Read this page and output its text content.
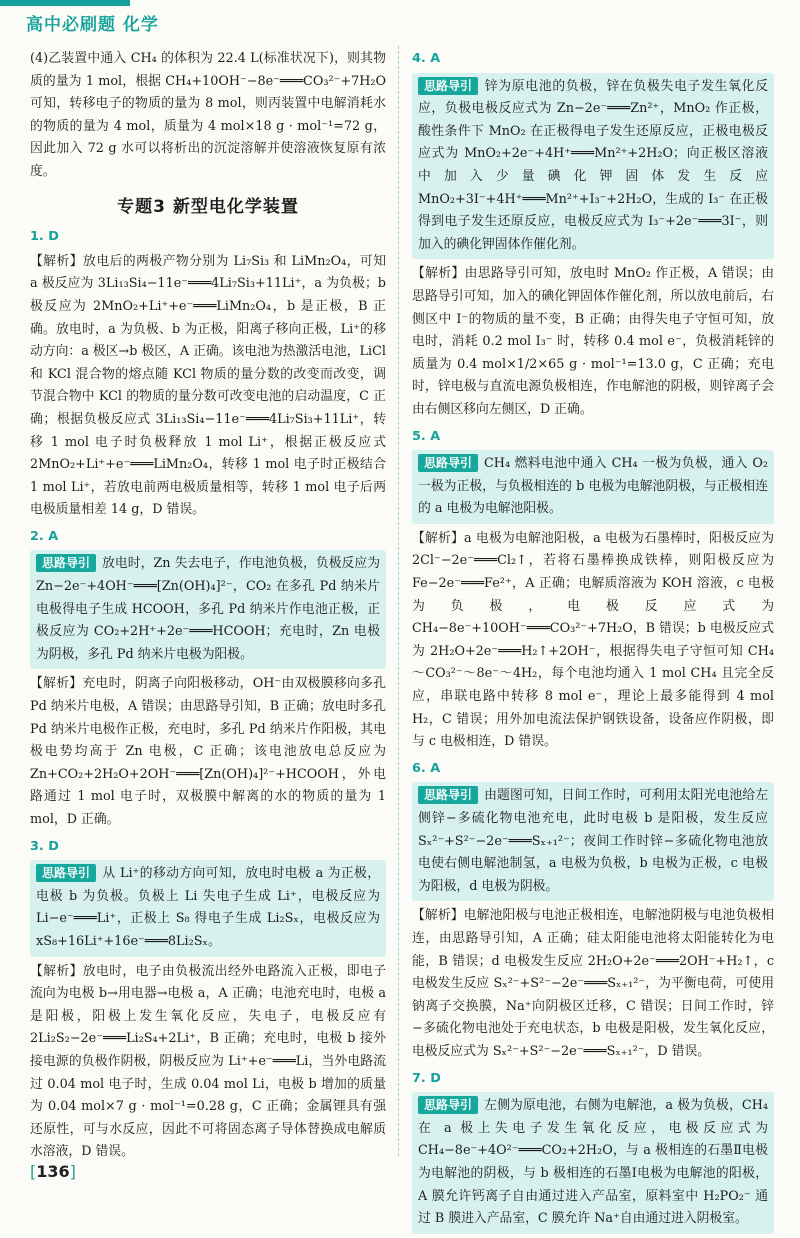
高中必刷题 化学

(4)乙装置中通入 CH₄ 的体积为 22.4 L(标准状况下)，则其物质的量为 1 mol，根据 CH₄+10OH⁻−8e⁻═══CO₃²⁻+7H₂O 可知，转移电子的物质的量为 8 mol，则丙装置中电解消耗水的物质的量为 4 mol，质量为 4 mol×18 g · mol⁻¹=72 g，因此加入 72 g 水可以将析出的沉淀溶解并使溶液恢复原有浓度。

专题3 新型电化学装置
1. D

【解析】放电后的两极产物分别为 Li₇Si₃ 和 LiMn₂O₄，可知 a 极反应为 3Li₁₃Si₄−11e⁻═══4Li₇Si₃+11Li⁺，a 为负极；b 极反应为 2MnO₂+Li⁺+e⁻═══LiMn₂O₄，b 是正极，B 正确。放电时，a 为负极、b 为正极，阳离子移向正极，Li⁺的移动方向：a 极区→b 极区，A 正确。该电池为热激活电池，LiCl 和 KCl 混合物的熔点随 KCl 物质的量分数的改变而改变，调节混合物中 KCl 的物质的量分数可改变电池的启动温度，C 正确；根据负极反应式 3Li₁₃Si₄−11e⁻═══4Li₇Si₃+11Li⁺，转移 1 mol 电子时负极释放 1 mol Li⁺，根据正极反应式 2MnO₂+Li⁺+e⁻═══LiMn₂O₄，转移 1 mol 电子时正极结合 1 mol Li⁺，若放电前两电极质量相等，转移 1 mol 电子后两电极质量相差 14 g，D 错误。

2. A
思路导引 放电时，Zn 失去电子，作电池负极，负极反应为 Zn−2e⁻+4OH⁻═══[Zn(OH)₄]²⁻，CO₂ 在多孔 Pd 纳米片电极得电子生成 HCOOH，多孔 Pd 纳米片作电池正极，正极反应为 CO₂+2H⁺+2e⁻═══HCOOH；充电时，Zn 电极为阴极，多孔 Pd 纳米片电极为阳极。

【解析】充电时，阴离子向阳极移动，OH⁻由双极膜移向多孔 Pd 纳米片电极，A 错误；由思路导引知，B 正确；放电时多孔 Pd 纳米片电极作正极，充电时，多孔 Pd 纳米片作阳极，其电极电势均高于 Zn 电极，C 正确；该电池放电总反应为 Zn+CO₂+2H₂O+2OH⁻═══[Zn(OH)₄]²⁻+HCOOH，外电路通过 1 mol 电子时，双极膜中解离的水的物质的量为 1 mol，D 正确。

3. D
思路导引 从 Li⁺的移动方向可知，放电时电极 a 为正极，电极 b 为负极。负极上 Li 失电子生成 Li⁺，电极反应为 Li−e⁻═══Li⁺，正极上 S₈ 得电子生成 Li₂Sₓ，电极反应为 xS₈+16Li⁺+16e⁻═══8Li₂Sₓ。

【解析】放电时，电子由负极流出经外电路流入正极，即电子流向为电极 b→用电器→电极 a，A 正确；电池充电时，电极 a 是阳极，阳极上发生氧化反应，失电子，电极反应有 2Li₂S₂−2e⁻═══Li₂S₄+2Li⁺，B 正确；充电时，电极 b 接外接电源的负极作阴极，阴极反应为 Li⁺+e⁻═══Li，当外电路流过 0.04 mol 电子时，生成 0.04 mol Li，电极 b 增加的质量为 0.04 mol×7 g · mol⁻¹=0.28 g，C 正确；金属锂具有强还原性，可与水反应，因此不可将固态离子导体替换成电解质水溶液，D 错误。

4. A
思路导引 锌为原电池的负极，锌在负极失电子发生氧化反应，负极电极反应式为 Zn−2e⁻═══Zn²⁺，MnO₂ 作正极，酸性条件下 MnO₂ 在正极得电子发生还原反应，正极电极反应式为 MnO₂+2e⁻+4H⁺═══Mn²⁺+2H₂O；向正极区溶液中加入少量碘化钾固体发生反应 MnO₂+3I⁻+4H⁺═══Mn²⁺+I₃⁻+2H₂O，生成的 I₃⁻ 在正极得到电子发生还原反应，电极反应式为 I₃⁻+2e⁻═══3I⁻，则加入的碘化钾固体作催化剂。

【解析】由思路导引可知，放电时 MnO₂ 作正极，A 错误；由思路导引可知，加入的碘化钾固体作催化剂，所以放电前后，右侧区中 I⁻的物质的量不变，B 正确；由得失电子守恒可知，放电时，消耗 0.2 mol I₃⁻ 时，转移 0.4 mol e⁻，负极消耗锌的质量为 0.4 mol×1/2×65 g · mol⁻¹=13.0 g，C 正确；充电时，锌电极与直流电源负极相连，作电解池的阴极，则锌离子会由右侧区移向左侧区，D 正确。

5. A
思路导引 CH₄ 燃料电池中通入 CH₄ 一极为负极，通入 O₂ 一极为正极，与负极相连的 b 电极为电解池阴极，与正极相连的 a 电极为电解池阳极。

【解析】a 电极为电解池阳极，a 电极为石墨棒时，阳极反应为 2Cl⁻−2e⁻═══Cl₂↑，若将石墨棒换成铁棒，则阳极反应为 Fe−2e⁻═══Fe²⁺，A 正确；电解质溶液为 KOH 溶液，c 电极为负极，电极反应式为 CH₄−8e⁻+10OH⁻═══CO₃²⁻+7H₂O，B 错误；b 电极反应式为 2H₂O+2e⁻═══H₂↑+2OH⁻，根据得失电子守恒可知 CH₄～CO₃²⁻～8e⁻～4H₂，每个电池均通入 1 mol CH₄ 且完全反应，串联电路中转移 8 mol e⁻，理论上最多能得到 4 mol H₂，C 错误；用外加电流法保护钢铁设备，设备应作阴极，即与 c 电极相连，D 错误。

6. A
思路导引 由题图可知，日间工作时，可利用太阳光电池给左侧锌−多硫化物电池充电，此时电极 b 是阳极，发生反应 Sₓ²⁻+S²⁻−2e⁻═══Sₓ₊₁²⁻；夜间工作时锌−多硫化物电池放电使右侧电解池制氢，a 电极为负极，b 电极为正极，c 电极为阳极，d 电极为阴极。

【解析】电解池阳极与电池正极相连，电解池阴极与电池负极相连，由思路导引知，A 正确；硅太阳能电池将太阳能转化为电能，B 错误；d 电极发生反应 2H₂O+2e⁻═══2OH⁻+H₂↑，c 电极发生反应 Sₓ²⁻+S²⁻−2e⁻═══Sₓ₊₁²⁻，为平衡电荷，可使用钠离子交换膜，Na⁺向阴极区迁移，C 错误；日间工作时，锌−多硫化物电池处于充电状态，b 电极是阳极，发生氧化反应，电极反应式为 Sₓ²⁻+S²⁻−2e⁻═══Sₓ₊₁²⁻，D 错误。

7. D
思路导引 左侧为原电池，右侧为电解池，a 极为负极，CH₄ 在 a 极上失电子发生氧化反应，电极反应式为 CH₄−8e⁻+4O²⁻═══CO₂+2H₂O，与 a 极相连的石墨Ⅱ电极为电解池的阴极，与 b 极相连的石墨Ⅰ电极为电解池的阳极，A 膜允许钙离子自由通过进入产品室，原料室中 H₂PO₂⁻ 通过 B 膜进入产品室，C 膜允许 Na⁺自由通过进入阴极室。
[136]
